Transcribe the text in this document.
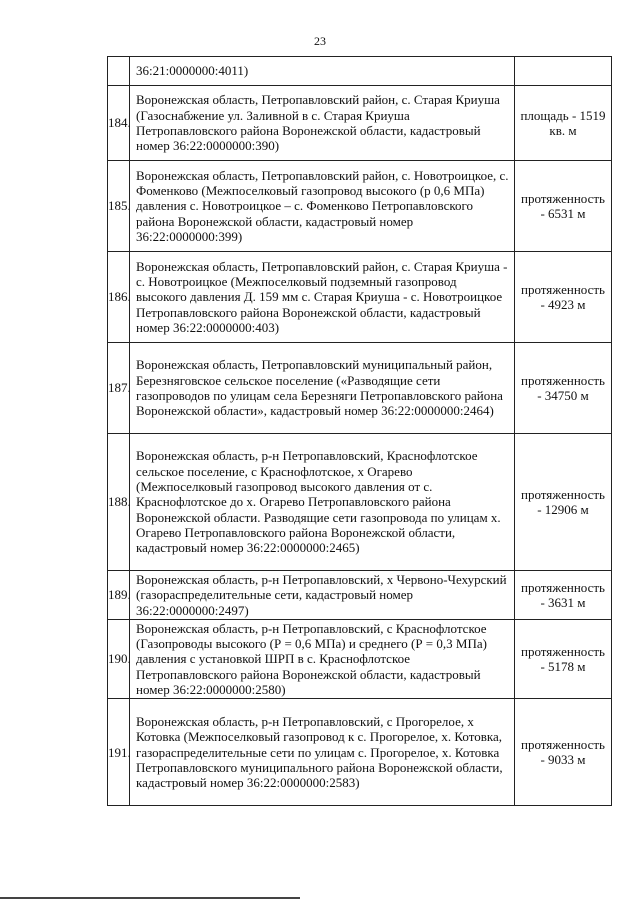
23
	36:21:0000000:4011)	
184.	Воронежская область, Петропавловский район, с. Старая Криуша (Газоснабжение ул. Заливной в с. Старая Криуша Петропавловского района Воронежской области, кадастровый номер 36:22:0000000:390)	площадь - 1519 кв. м
185.	Воронежская область, Петропавловский район, с. Новотроицкое, с. Фоменково (Межпоселковый газопровод высокого (р 0,6 МПа) давления с. Новотроицкое – с. Фоменково Петропавловского района Воронежской области, кадастровый номер 36:22:0000000:399)	протяженность - 6531 м
186.	Воронежская область, Петропавловский район, с. Старая Криуша - с. Новотроицкое (Межпоселковый подземный газопровод высокого давления Д. 159 мм с. Старая Криуша - с. Новотроицкое Петропавловского района Воронежской области, кадастровый номер 36:22:0000000:403)	протяженность - 4923 м
187.	Воронежская область, Петропавловский муниципальный район, Березняговское сельское поселение («Разводящие сети газопроводов по улицам села Березняги Петропавловского района Воронежской области», кадастровый номер 36:22:0000000:2464)	протяженность - 34750 м
188.	Воронежская область, р-н Петропавловский, Краснофлотское сельское поселение, с Краснофлотское, х Огарево (Межпоселковый газопровод высокого давления от с. Краснофлотское до х. Огарево Петропавловского района Воронежской области. Разводящие сети газопровода по улицам х. Огарево Петропавловского района Воронежской области, кадастровый номер 36:22:0000000:2465)	протяженность - 12906 м
189.	Воронежская область, р-н Петропавловский, х Червоно-Чехурский (газораспределительные сети, кадастровый номер 36:22:0000000:2497)	протяженность - 3631 м
190.	Воронежская область, р-н Петропавловский, с Краснофлотское (Газопроводы высокого (Р = 0,6 МПа) и среднего (Р = 0,3 МПа) давления с установкой ШРП в с. Краснофлотское Петропавловского района Воронежской области, кадастровый номер 36:22:0000000:2580)	протяженность - 5178 м
191.	Воронежская область, р-н Петропавловский, с Прогорелое, х Котовка (Межпоселковый газопровод к с. Прогорелое, х. Котовка, газораспределительные сети по улицам с. Прогорелое, х. Котовка Петропавловского муниципального района Воронежской области, кадастровый номер 36:22:0000000:2583)	протяженность - 9033 м
